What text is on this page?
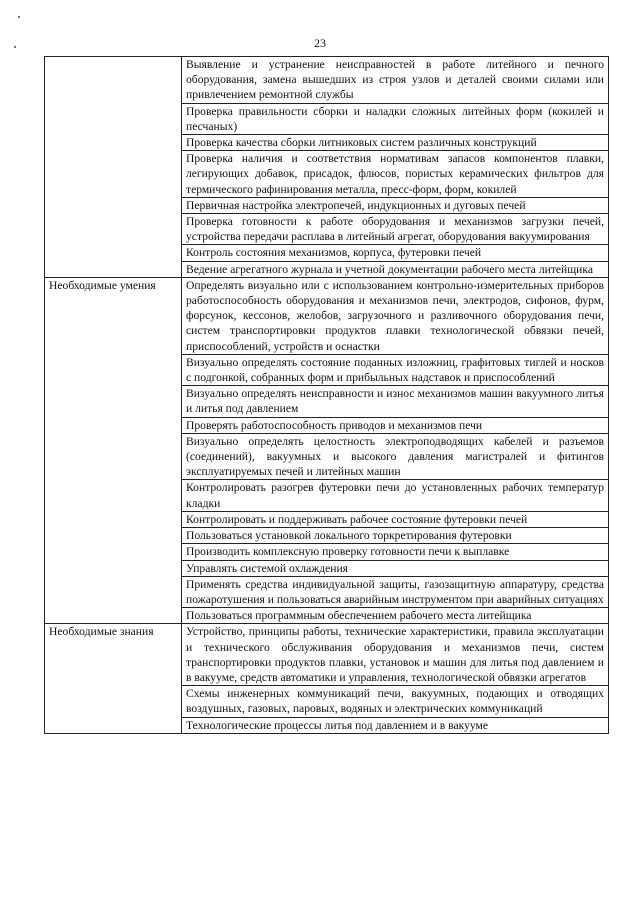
23
	Выявление и устранение неисправностей в работе литейного и печного оборудования, замена вышедших из строя узлов и деталей своими силами или привлечением ремонтной службы
	Проверка правильности сборки и наладки сложных литейных форм (кокилей и песчаных)
	Проверка качества сборки литниковых систем различных конструкций
	Проверка наличия и соответствия нормативам запасов компонентов плавки, легирующих добавок, присадок, флюсов, пористых керамических фильтров для термического рафинирования металла, пресс-форм, форм, кокилей
	Первичная настройка электропечей, индукционных и дуговых печей
	Проверка готовности к работе оборудования и механизмов загрузки печей, устройства передачи расплава в литейный агрегат, оборудования вакуумирования
	Контроль состояния механизмов, корпуса, футеровки печей
	Ведение агрегатного журнала и учетной документации рабочего места литейщика
Необходимые умения	Определять визуально или с использованием контрольно-измерительных приборов работоспособность оборудования и механизмов печи, электродов, сифонов, фурм, форсунок, кессонов, желобов, загрузочного и разливочного оборудования печи, систем транспортировки продуктов плавки технологической обвязки печей, приспособлений, устройств и оснастки
	Визуально определять состояние поданных изложниц, графитовых тиглей и носков с подгонкой, собранных форм и прибыльных надставок и приспособлений
	Визуально определять неисправности и износ механизмов машин вакуумного литья и литья под давлением
	Проверять работоспособность приводов и механизмов печи
	Визуально определять целостность электроподводящих кабелей и разъемов (соединений), вакуумных и высокого давления магистралей и фитингов эксплуатируемых печей и литейных машин
	Контролировать разогрев футеровки печи до установленных рабочих температур кладки
	Контролировать и поддерживать рабочее состояние футеровки печей
	Пользоваться установкой локального торкретирования футеровки
	Производить комплексную проверку готовности печи к выплавке
	Управлять системой охлаждения
	Применять средства индивидуальной защиты, газозащитную аппаратуру, средства пожаротушения и пользоваться аварийным инструментом при аварийных ситуациях
	Пользоваться программным обеспечением рабочего места литейщика
Необходимые знания	Устройство, принципы работы, технические характеристики, правила эксплуатации и технического обслуживания оборудования и механизмов печи, систем транспортировки продуктов плавки, установок и машин для литья под давлением и в вакууме, средств автоматики и управления, технологической обвязки агрегатов
	Схемы инженерных коммуникаций печи, вакуумных, подающих и отводящих воздушных, газовых, паровых, водяных и электрических коммуникаций
	Технологические процессы литья под давлением и в вакууме
